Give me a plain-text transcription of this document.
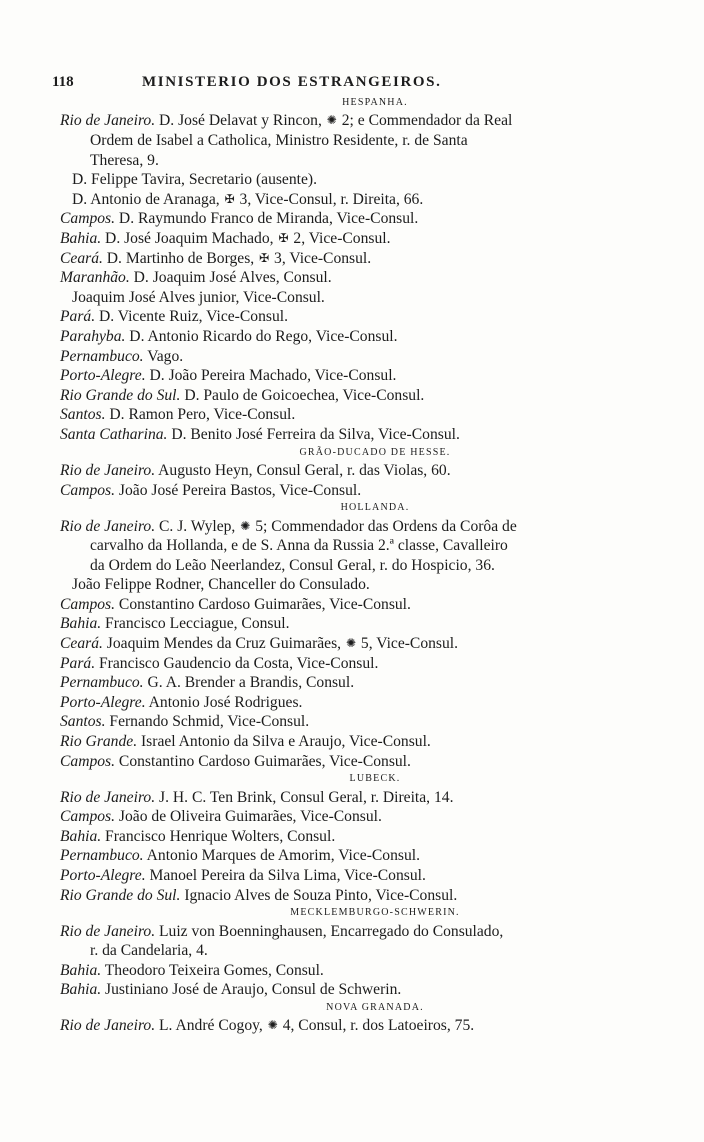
118	MINISTERIO DOS ESTRANGEIROS.
HESPANHA.
Rio de Janeiro. D. José Delavat y Rincon, ✺ 2; e Commendador da Real
Ordem de Isabel a Catholica, Ministro Residente, r. de Santa
Theresa, 9.
D. Felippe Tavira, Secretario (ausente).
D. Antonio de Aranaga, ✠ 3, Vice-Consul, r. Direita, 66.
Campos. D. Raymundo Franco de Miranda, Vice-Consul.
Bahia. D. José Joaquim Machado, ✠ 2, Vice-Consul.
Ceará. D. Martinho de Borges, ✠ 3, Vice-Consul.
Maranhão. D. Joaquim José Alves, Consul.
Joaquim José Alves junior, Vice-Consul.
Pará. D. Vicente Ruiz, Vice-Consul.
Parahyba. D. Antonio Ricardo do Rego, Vice-Consul.
Pernambuco. Vago.
Porto-Alegre. D. João Pereira Machado, Vice-Consul.
Rio Grande do Sul. D. Paulo de Goicoechea, Vice-Consul.
Santos. D. Ramon Pero, Vice-Consul.
Santa Catharina. D. Benito José Ferreira da Silva, Vice-Consul.
GRÃO-DUCADO DE HESSE.
Rio de Janeiro. Augusto Heyn, Consul Geral, r. das Violas, 60.
Campos. João José Pereira Bastos, Vice-Consul.
HOLLANDA.
Rio de Janeiro. C. J. Wylep, ✺ 5; Commendador das Ordens da Corôa de
carvalho da Hollanda, e de S. Anna da Russia 2.ª classe, Cavalleiro
da Ordem do Leão Neerlandez, Consul Geral, r. do Hospicio, 36.
João Felippe Rodner, Chanceller do Consulado.
Campos. Constantino Cardoso Guimarães, Vice-Consul.
Bahia. Francisco Lecciague, Consul.
Ceará. Joaquim Mendes da Cruz Guimarães, ✺ 5, Vice-Consul.
Pará. Francisco Gaudencio da Costa, Vice-Consul.
Pernambuco. G. A. Brender a Brandis, Consul.
Porto-Alegre. Antonio José Rodrigues.
Santos. Fernando Schmid, Vice-Consul.
Rio Grande. Israel Antonio da Silva e Araujo, Vice-Consul.
Campos. Constantino Cardoso Guimarães, Vice-Consul.
LUBECK.
Rio de Janeiro. J. H. C. Ten Brink, Consul Geral, r. Direita, 14.
Campos. João de Oliveira Guimarães, Vice-Consul.
Bahia. Francisco Henrique Wolters, Consul.
Pernambuco. Antonio Marques de Amorim, Vice-Consul.
Porto-Alegre. Manoel Pereira da Silva Lima, Vice-Consul.
Rio Grande do Sul. Ignacio Alves de Souza Pinto, Vice-Consul.
MECKLEMBURGO-SCHWERIN.
Rio de Janeiro. Luiz von Boenninghausen, Encarregado do Consulado,
r. da Candelaria, 4.
Bahia. Theodoro Teixeira Gomes, Consul.
Bahia. Justiniano José de Araujo, Consul de Schwerin.
NOVA GRANADA.
Rio de Janeiro. L. André Cogoy, ✺ 4, Consul, r. dos Latoeiros, 75.
